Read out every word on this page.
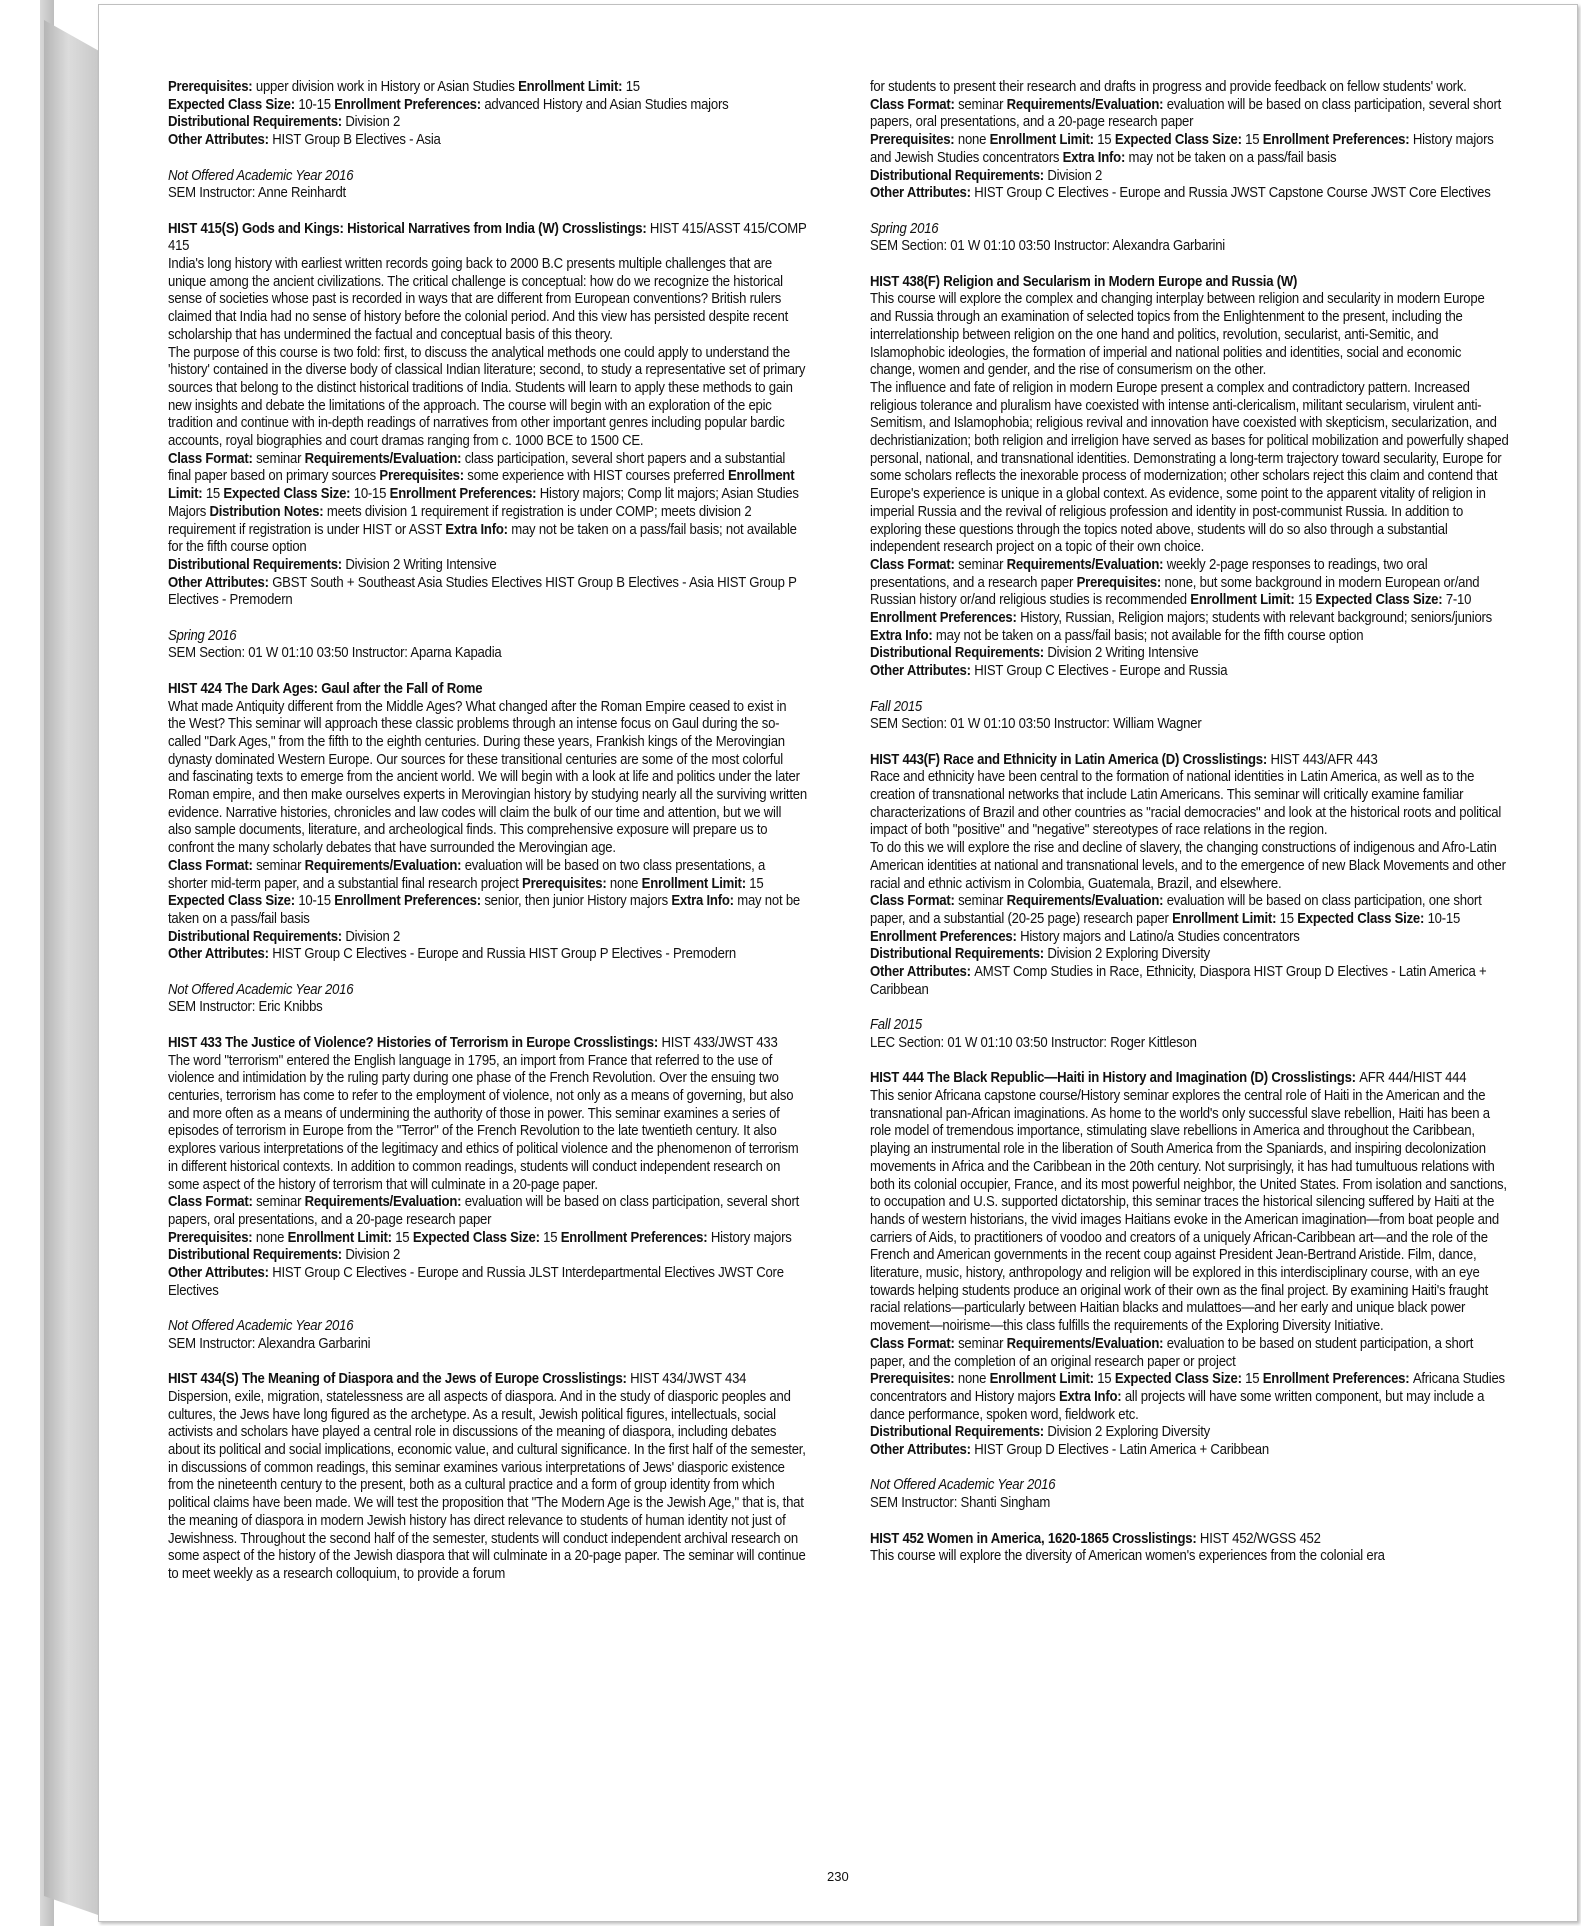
Prerequisites: upper division work in History or Asian Studies Enrollment Limit: 15

Expected Class Size: 10-15 Enrollment Preferences: advanced History and Asian Studies majors

Distributional Requirements: Division 2

Other Attributes: HIST Group B Electives - Asia

Not Offered Academic Year 2016

SEM Instructor: Anne Reinhardt

HIST 415(S) Gods and Kings: Historical Narratives from India (W) Crosslistings: HIST 415/ASST 415/COMP 415

India's long history with earliest written records going back to 2000 B.C presents multiple challenges that are unique among the ancient civilizations. The critical challenge is conceptual: how do we recognize the historical sense of societies whose past is recorded in ways that are different from European conventions? British rulers claimed that India had no sense of history before the colonial period. And this view has persisted despite recent scholarship that has undermined the factual and conceptual basis of this theory.

The purpose of this course is two fold: first, to discuss the analytical methods one could apply to understand the 'history' contained in the diverse body of classical Indian literature; second, to study a representative set of primary sources that belong to the distinct historical traditions of India. Students will learn to apply these methods to gain new insights and debate the limitations of the approach. The course will begin with an exploration of the epic tradition and continue with in-depth readings of narratives from other important genres including popular bardic accounts, royal biographies and court dramas ranging from c. 1000 BCE to 1500 CE.

Class Format: seminar Requirements/Evaluation: class participation, several short papers and a substantial final paper based on primary sources Prerequisites: some experience with HIST courses preferred Enrollment Limit: 15 Expected Class Size: 10-15 Enrollment Preferences: History majors; Comp lit majors; Asian Studies Majors Distribution Notes: meets division 1 requirement if registration is under COMP; meets division 2 requirement if registration is under HIST or ASST Extra Info: may not be taken on a pass/fail basis; not available for the fifth course option

Distributional Requirements: Division 2 Writing Intensive

Other Attributes: GBST South + Southeast Asia Studies Electives HIST Group B Electives - Asia HIST Group P Electives - Premodern

Spring 2016

SEM Section: 01 W 01:10 03:50 Instructor: Aparna Kapadia

HIST 424 The Dark Ages: Gaul after the Fall of Rome

What made Antiquity different from the Middle Ages? What changed after the Roman Empire ceased to exist in the West? This seminar will approach these classic problems through an intense focus on Gaul during the so-called "Dark Ages," from the fifth to the eighth centuries. During these years, Frankish kings of the Merovingian dynasty dominated Western Europe. Our sources for these transitional centuries are some of the most colorful and fascinating texts to emerge from the ancient world. We will begin with a look at life and politics under the later Roman empire, and then make ourselves experts in Merovingian history by studying nearly all the surviving written evidence. Narrative histories, chronicles and law codes will claim the bulk of our time and attention, but we will also sample documents, literature, and archeological finds. This comprehensive exposure will prepare us to confront the many scholarly debates that have surrounded the Merovingian age.

Class Format: seminar Requirements/Evaluation: evaluation will be based on two class presentations, a shorter mid-term paper, and a substantial final research project Prerequisites: none Enrollment Limit: 15 Expected Class Size: 10-15 Enrollment Preferences: senior, then junior History majors Extra Info: may not be taken on a pass/fail basis

Distributional Requirements: Division 2

Other Attributes: HIST Group C Electives - Europe and Russia HIST Group P Electives - Premodern

Not Offered Academic Year 2016

SEM Instructor: Eric Knibbs

HIST 433 The Justice of Violence? Histories of Terrorism in Europe Crosslistings: HIST 433/JWST 433

The word "terrorism" entered the English language in 1795, an import from France that referred to the use of violence and intimidation by the ruling party during one phase of the French Revolution. Over the ensuing two centuries, terrorism has come to refer to the employment of violence, not only as a means of governing, but also and more often as a means of undermining the authority of those in power. This seminar examines a series of episodes of terrorism in Europe from the "Terror" of the French Revolution to the late twentieth century. It also explores various interpretations of the legitimacy and ethics of political violence and the phenomenon of terrorism in different historical contexts. In addition to common readings, students will conduct independent research on some aspect of the history of terrorism that will culminate in a 20-page paper.

Class Format: seminar Requirements/Evaluation: evaluation will be based on class participation, several short papers, oral presentations, and a 20-page research paper

Prerequisites: none Enrollment Limit: 15 Expected Class Size: 15 Enrollment Preferences: History majors

Distributional Requirements: Division 2

Other Attributes: HIST Group C Electives - Europe and Russia JLST Interdepartmental Electives JWST Core Electives

Not Offered Academic Year 2016

SEM Instructor: Alexandra Garbarini

HIST 434(S) The Meaning of Diaspora and the Jews of Europe Crosslistings: HIST 434/JWST 434

Dispersion, exile, migration, statelessness are all aspects of diaspora. And in the study of diasporic peoples and cultures, the Jews have long figured as the archetype. As a result, Jewish political figures, intellectuals, social activists and scholars have played a central role in discussions of the meaning of diaspora, including debates about its political and social implications, economic value, and cultural significance. In the first half of the semester, in discussions of common readings, this seminar examines various interpretations of Jews' diasporic existence from the nineteenth century to the present, both as a cultural practice and a form of group identity from which political claims have been made. We will test the proposition that "The Modern Age is the Jewish Age," that is, that the meaning of diaspora in modern Jewish history has direct relevance to students of human identity not just of Jewishness. Throughout the second half of the semester, students will conduct independent archival research on some aspect of the history of the Jewish diaspora that will culminate in a 20-page paper. The seminar will continue to meet weekly as a research colloquium, to provide a forum

for students to present their research and drafts in progress and provide feedback on fellow students' work.

Class Format: seminar Requirements/Evaluation: evaluation will be based on class participation, several short papers, oral presentations, and a 20-page research paper

Prerequisites: none Enrollment Limit: 15 Expected Class Size: 15 Enrollment Preferences: History majors and Jewish Studies concentrators Extra Info: may not be taken on a pass/fail basis

Distributional Requirements: Division 2

Other Attributes: HIST Group C Electives - Europe and Russia JWST Capstone Course JWST Core Electives

Spring 2016

SEM Section: 01 W 01:10 03:50 Instructor: Alexandra Garbarini

HIST 438(F) Religion and Secularism in Modern Europe and Russia (W)

This course will explore the complex and changing interplay between religion and secularity in modern Europe and Russia through an examination of selected topics from the Enlightenment to the present, including the interrelationship between religion on the one hand and politics, revolution, secularist, anti-Semitic, and Islamophobic ideologies, the formation of imperial and national polities and identities, social and economic change, women and gender, and the rise of consumerism on the other.

The influence and fate of religion in modern Europe present a complex and contradictory pattern. Increased religious tolerance and pluralism have coexisted with intense anti-clericalism, militant secularism, virulent anti-Semitism, and Islamophobia; religious revival and innovation have coexisted with skepticism, secularization, and dechristianization; both religion and irreligion have served as bases for political mobilization and powerfully shaped personal, national, and transnational identities. Demonstrating a long-term trajectory toward secularity, Europe for some scholars reflects the inexorable process of modernization; other scholars reject this claim and contend that Europe's experience is unique in a global context. As evidence, some point to the apparent vitality of religion in imperial Russia and the revival of religious profession and identity in post-communist Russia. In addition to exploring these questions through the topics noted above, students will do so also through a substantial independent research project on a topic of their own choice.

Class Format: seminar Requirements/Evaluation: weekly 2-page responses to readings, two oral presentations, and a research paper Prerequisites: none, but some background in modern European or/and Russian history or/and religious studies is recommended Enrollment Limit: 15 Expected Class Size: 7-10 Enrollment Preferences: History, Russian, Religion majors; students with relevant background; seniors/juniors Extra Info: may not be taken on a pass/fail basis; not available for the fifth course option

Distributional Requirements: Division 2 Writing Intensive

Other Attributes: HIST Group C Electives - Europe and Russia

Fall 2015

SEM Section: 01 W 01:10 03:50 Instructor: William Wagner

HIST 443(F) Race and Ethnicity in Latin America (D) Crosslistings: HIST 443/AFR 443

Race and ethnicity have been central to the formation of national identities in Latin America, as well as to the creation of transnational networks that include Latin Americans. This seminar will critically examine familiar characterizations of Brazil and other countries as "racial democracies" and look at the historical roots and political impact of both "positive" and "negative" stereotypes of race relations in the region.

To do this we will explore the rise and decline of slavery, the changing constructions of indigenous and Afro-Latin American identities at national and transnational levels, and to the emergence of new Black Movements and other racial and ethnic activism in Colombia, Guatemala, Brazil, and elsewhere.

Class Format: seminar Requirements/Evaluation: evaluation will be based on class participation, one short paper, and a substantial (20-25 page) research paper Enrollment Limit: 15 Expected Class Size: 10-15 Enrollment Preferences: History majors and Latino/a Studies concentrators

Distributional Requirements: Division 2 Exploring Diversity

Other Attributes: AMST Comp Studies in Race, Ethnicity, Diaspora HIST Group D Electives - Latin America + Caribbean

Fall 2015

LEC Section: 01 W 01:10 03:50 Instructor: Roger Kittleson

HIST 444 The Black Republic—Haiti in History and Imagination (D) Crosslistings: AFR 444/HIST 444

This senior Africana capstone course/History seminar explores the central role of Haiti in the American and the transnational pan-African imaginations. As home to the world's only successful slave rebellion, Haiti has been a role model of tremendous importance, stimulating slave rebellions in America and throughout the Caribbean, playing an instrumental role in the liberation of South America from the Spaniards, and inspiring decolonization movements in Africa and the Caribbean in the 20th century. Not surprisingly, it has had tumultuous relations with both its colonial occupier, France, and its most powerful neighbor, the United States. From isolation and sanctions, to occupation and U.S. supported dictatorship, this seminar traces the historical silencing suffered by Haiti at the hands of western historians, the vivid images Haitians evoke in the American imagination—from boat people and carriers of Aids, to practitioners of voodoo and creators of a uniquely African-Caribbean art—and the role of the French and American governments in the recent coup against President Jean-Bertrand Aristide. Film, dance, literature, music, history, anthropology and religion will be explored in this interdisciplinary course, with an eye towards helping students produce an original work of their own as the final project. By examining Haiti's fraught racial relations—particularly between Haitian blacks and mulattoes—and her early and unique black power movement—noirisme—this class fulfills the requirements of the Exploring Diversity Initiative.

Class Format: seminar Requirements/Evaluation: evaluation to be based on student participation, a short paper, and the completion of an original research paper or project

Prerequisites: none Enrollment Limit: 15 Expected Class Size: 15 Enrollment Preferences: Africana Studies concentrators and History majors Extra Info: all projects will have some written component, but may include a dance performance, spoken word, fieldwork etc.

Distributional Requirements: Division 2 Exploring Diversity

Other Attributes: HIST Group D Electives - Latin America + Caribbean

Not Offered Academic Year 2016

SEM Instructor: Shanti Singham

HIST 452 Women in America, 1620-1865 Crosslistings: HIST 452/WGSS 452

This course will explore the diversity of American women's experiences from the colonial era

230
